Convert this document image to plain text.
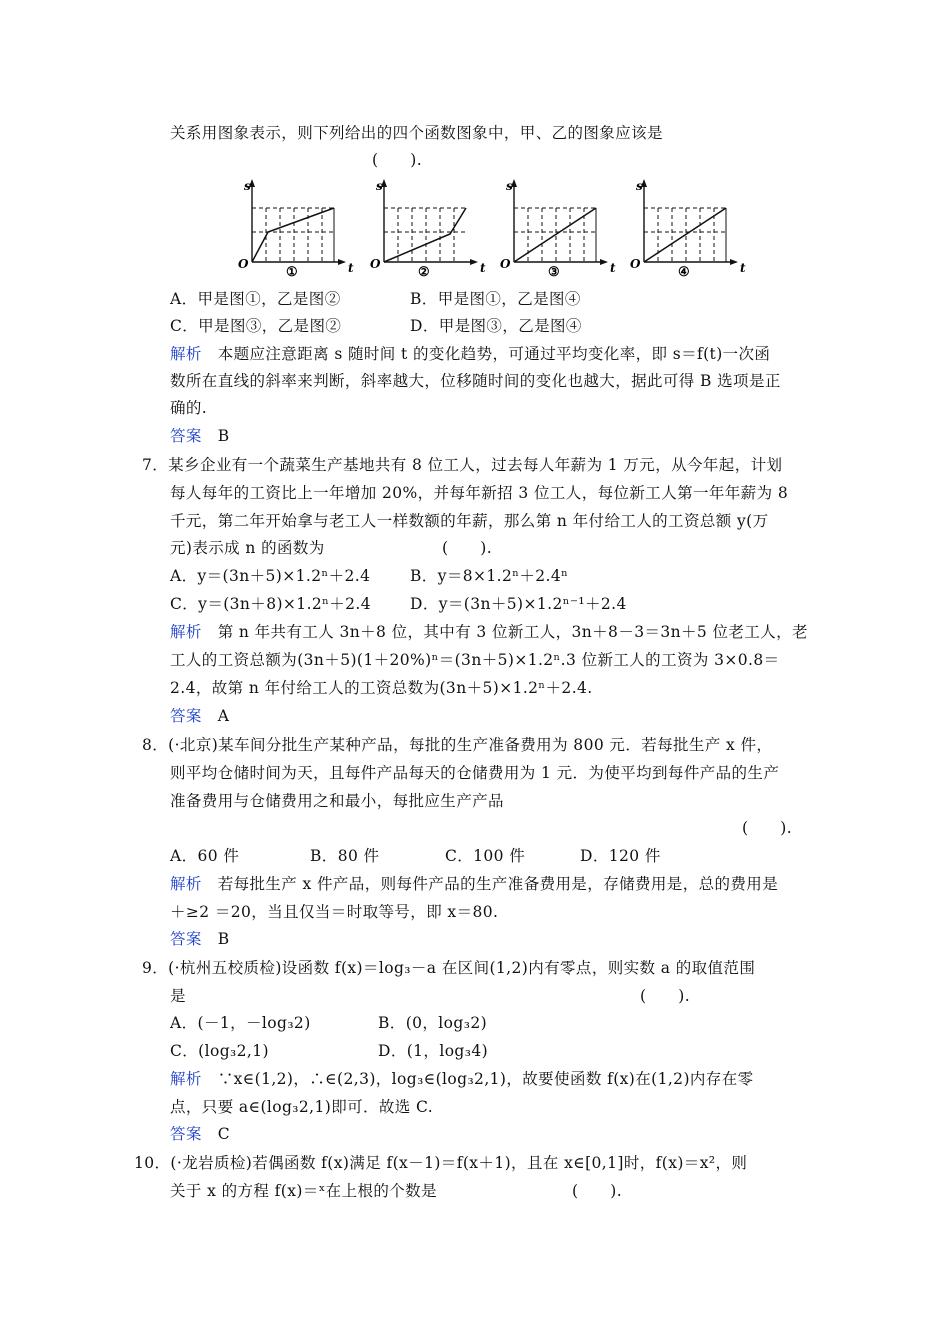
关系用图象表示，则下列给出的四个函数图象中，甲、乙的图象应该是
(　　).
s
O	t
①
s
O	t
②
s
O	t
③
s
O	t
④
A．甲是图①，乙是图②	B．甲是图①，乙是图④
C．甲是图③，乙是图②	D．甲是图③，乙是图④
解析　本题应注意距离 s 随时间 t 的变化趋势，可通过平均变化率，即 s＝f(t)一次函
数所在直线的斜率来判断，斜率越大，位移随时间的变化也越大，据此可得 B 选项是正
确的.
答案　B
7．某乡企业有一个蔬菜生产基地共有 8 位工人，过去每人年薪为 1 万元，从今年起，计划
每人每年的工资比上一年增加 20%，并每年新招 3 位工人，每位新工人第一年年薪为 8
千元，第二年开始拿与老工人一样数额的年薪，那么第 n 年付给工人的工资总额 y(万
元)表示成 n 的函数为	(　　).
A．y＝(3n＋5)×1.2ⁿ＋2.4	B．y＝8×1.2ⁿ＋2.4ⁿ
C．y＝(3n＋8)×1.2ⁿ＋2.4	D．y＝(3n＋5)×1.2ⁿ⁻¹＋2.4
解析　第 n 年共有工人 3n＋8 位，其中有 3 位新工人，3n＋8－3＝3n＋5 位老工人，老
工人的工资总额为(3n＋5)(1＋20%)ⁿ＝(3n＋5)×1.2ⁿ.3 位新工人的工资为 3×0.8＝
2.4，故第 n 年付给工人的工资总数为(3n＋5)×1.2ⁿ＋2.4.
答案　A
8．(·北京)某车间分批生产某种产品，每批的生产准备费用为 800 元．若每批生产 x 件，
则平均仓储时间为天，且每件产品每天的仓储费用为 1 元．为使平均到每件产品的生产
准备费用与仓储费用之和最小，每批应生产产品
(　　).
A．60 件	B．80 件	C．100 件	D．120 件
解析　若每批生产 x 件产品，则每件产品的生产准备费用是，存储费用是，总的费用是
＋≥2 ＝20，当且仅当＝时取等号，即 x＝80.
答案　B
9．(·杭州五校质检)设函数 f(x)＝log₃－a 在区间(1,2)内有零点，则实数 a 的取值范围
是	(　　).
A．(－1，－log₃2)	B．(0，log₃2)
C．(log₃2,1)	D．(1，log₃4)
解析　∵x∈(1,2)，∴∈(2,3)，log₃∈(log₃2,1)，故要使函数 f(x)在(1,2)内存在零
点，只要 a∈(log₃2,1)即可．故选 C.
答案　C
10．(·龙岩质检)若偶函数 f(x)满足 f(x－1)＝f(x＋1)，且在 x∈[0,1]时，f(x)＝x²，则
关于 x 的方程 f(x)＝ˣ在上根的个数是	(　　).
